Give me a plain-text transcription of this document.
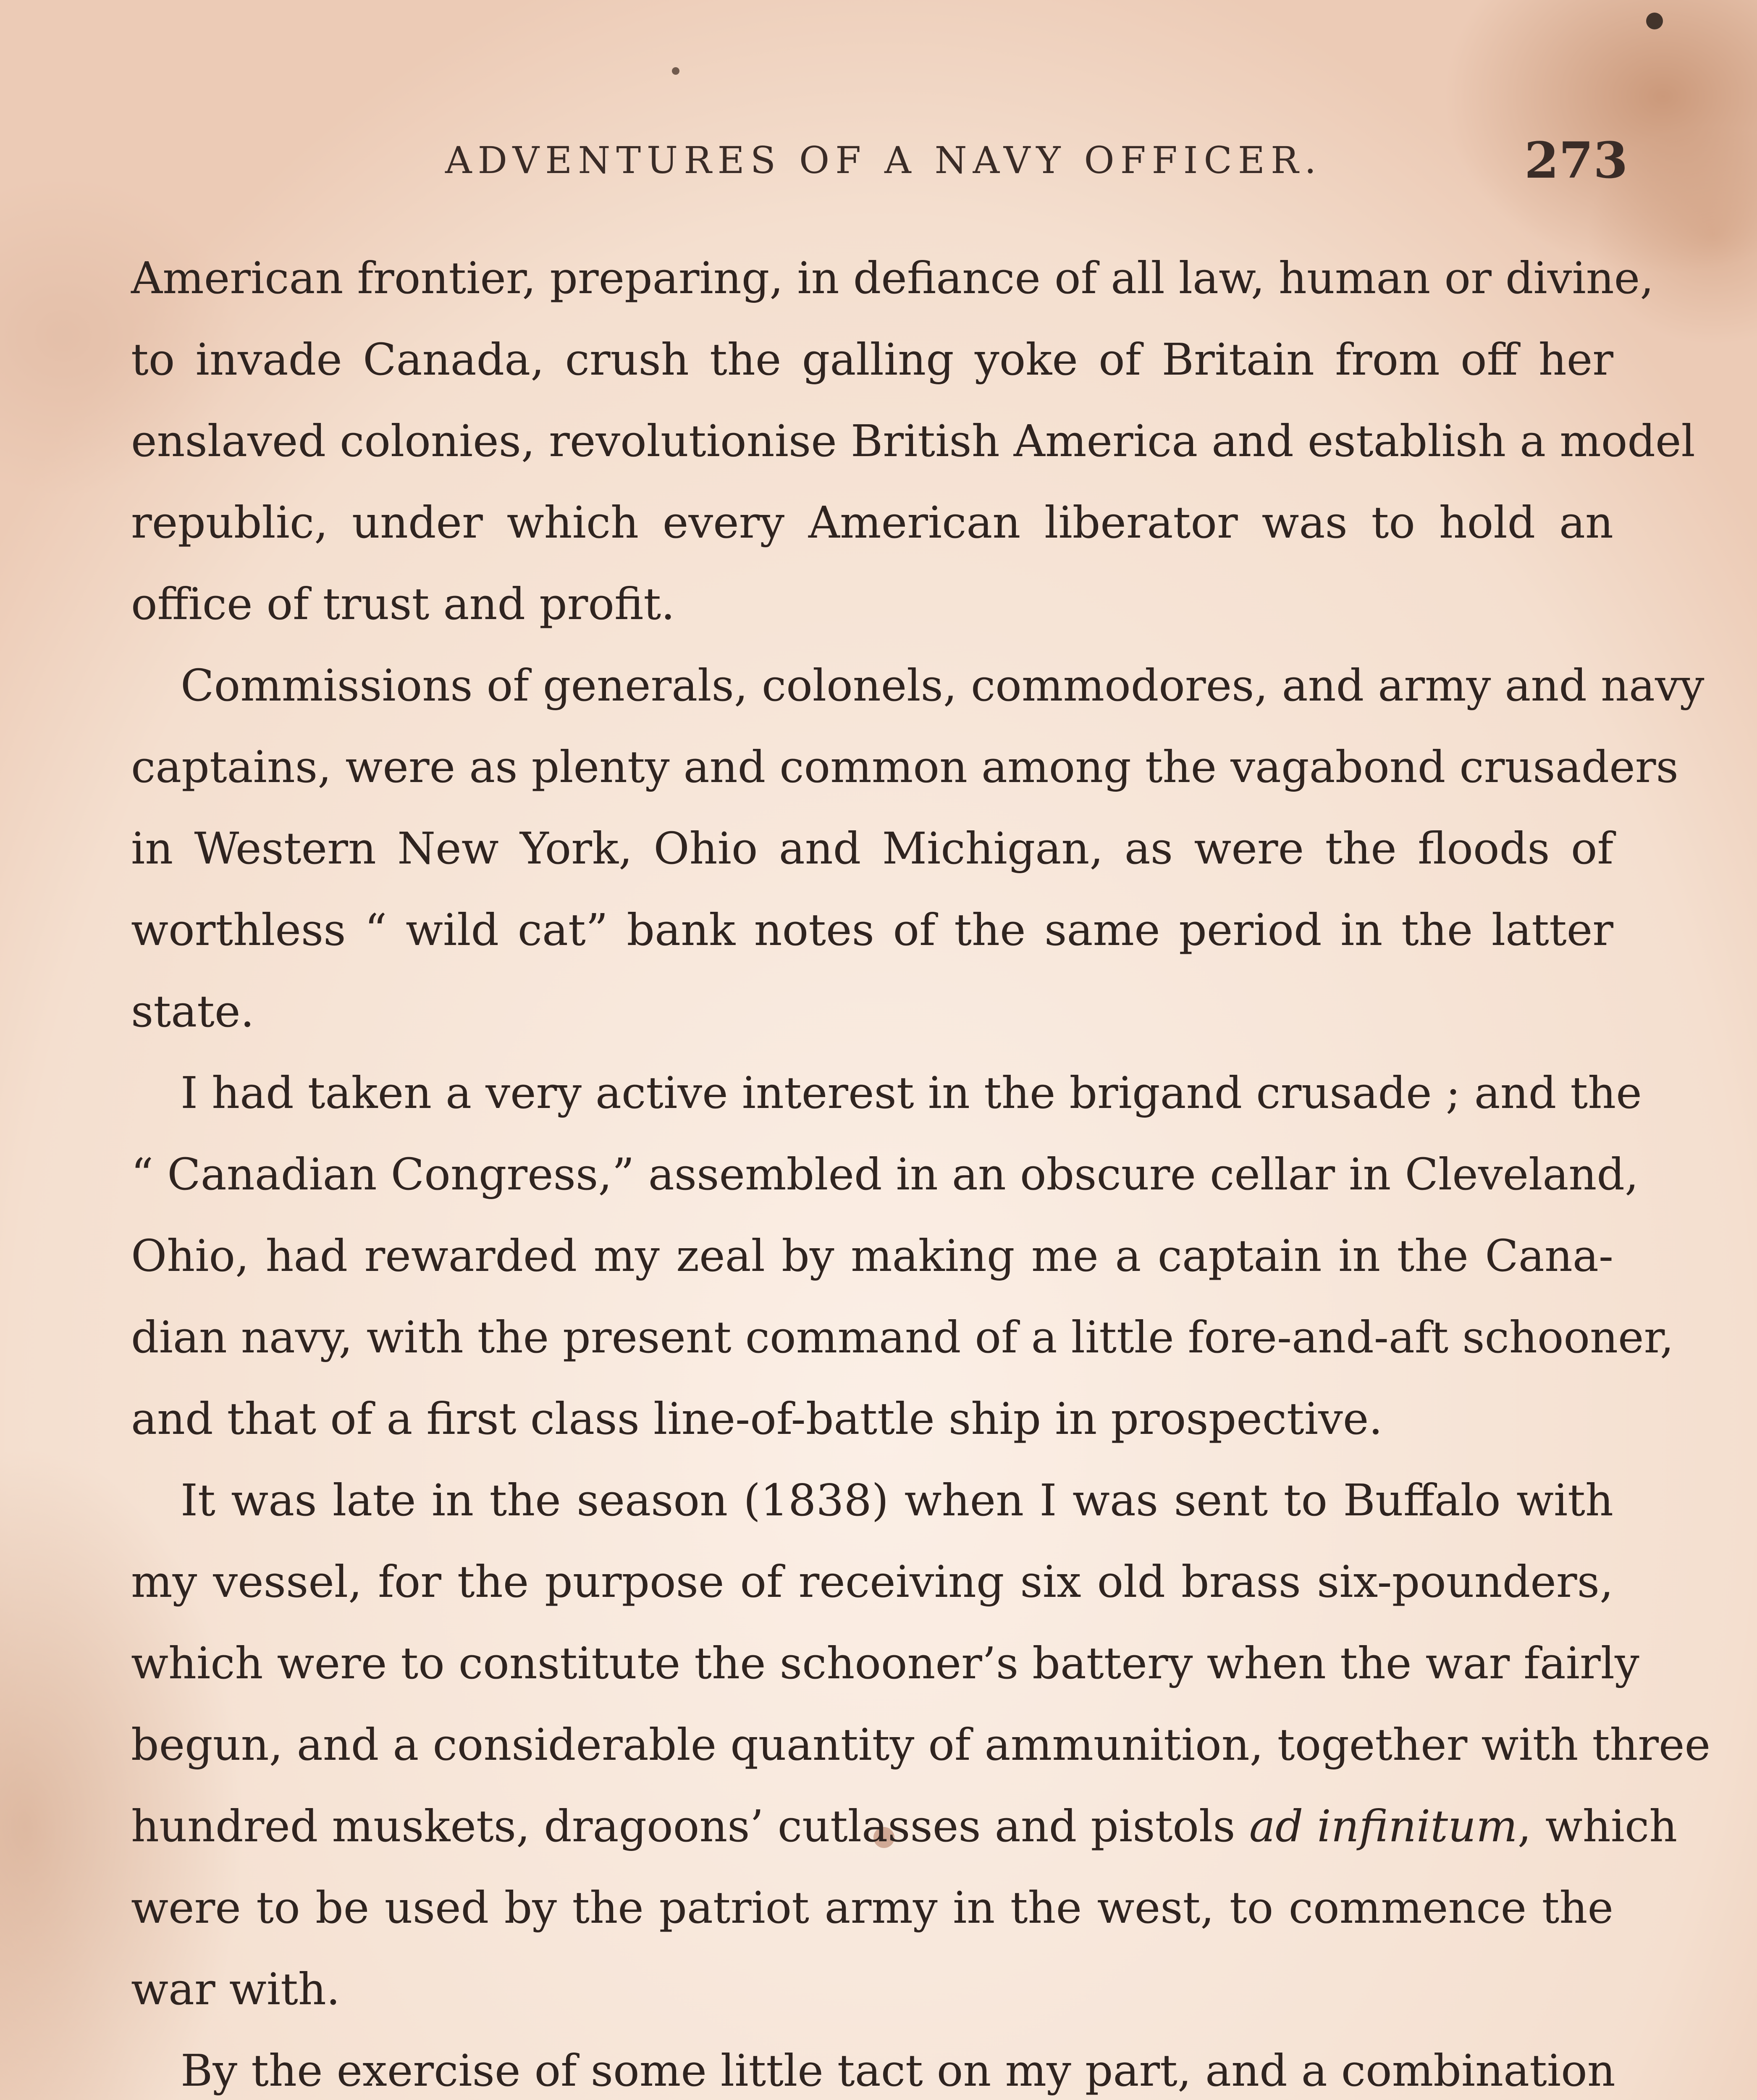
ADVENTURES OF A NAVY OFFICER.	273
American frontier, preparing, in defiance of all law, human or divine,
to invade Canada, crush the galling yoke of Britain from off her
enslaved colonies, revolutionise British America and establish a model
republic, under which every American liberator was to hold an
office of trust and profit.
Commissions of generals, colonels, commodores, and army and navy
captains, were as plenty and common among the vagabond crusaders
in Western New York, Ohio and Michigan, as were the floods of
worthless “ wild cat” bank notes of the same period in the latter
state.
I had taken a very active interest in the brigand crusade ; and the
“ Canadian Congress,” assembled in an obscure cellar in Cleveland,
Ohio, had rewarded my zeal by making me a captain in the Cana-
dian navy, with the present command of a little fore-and-aft schooner,
and that of a first class line-of-battle ship in prospective.
It was late in the season (1838) when I was sent to Buffalo with
my vessel, for the purpose of receiving six old brass six-pounders,
which were to constitute the schooner’s battery when the war fairly
begun, and a considerable quantity of ammunition, together with three
hundred muskets, dragoons’ cutlasses and pistols ad infinitum, which
were to be used by the patriot army in the west, to commence the
war with.
By the exercise of some little tact on my part, and a combination
